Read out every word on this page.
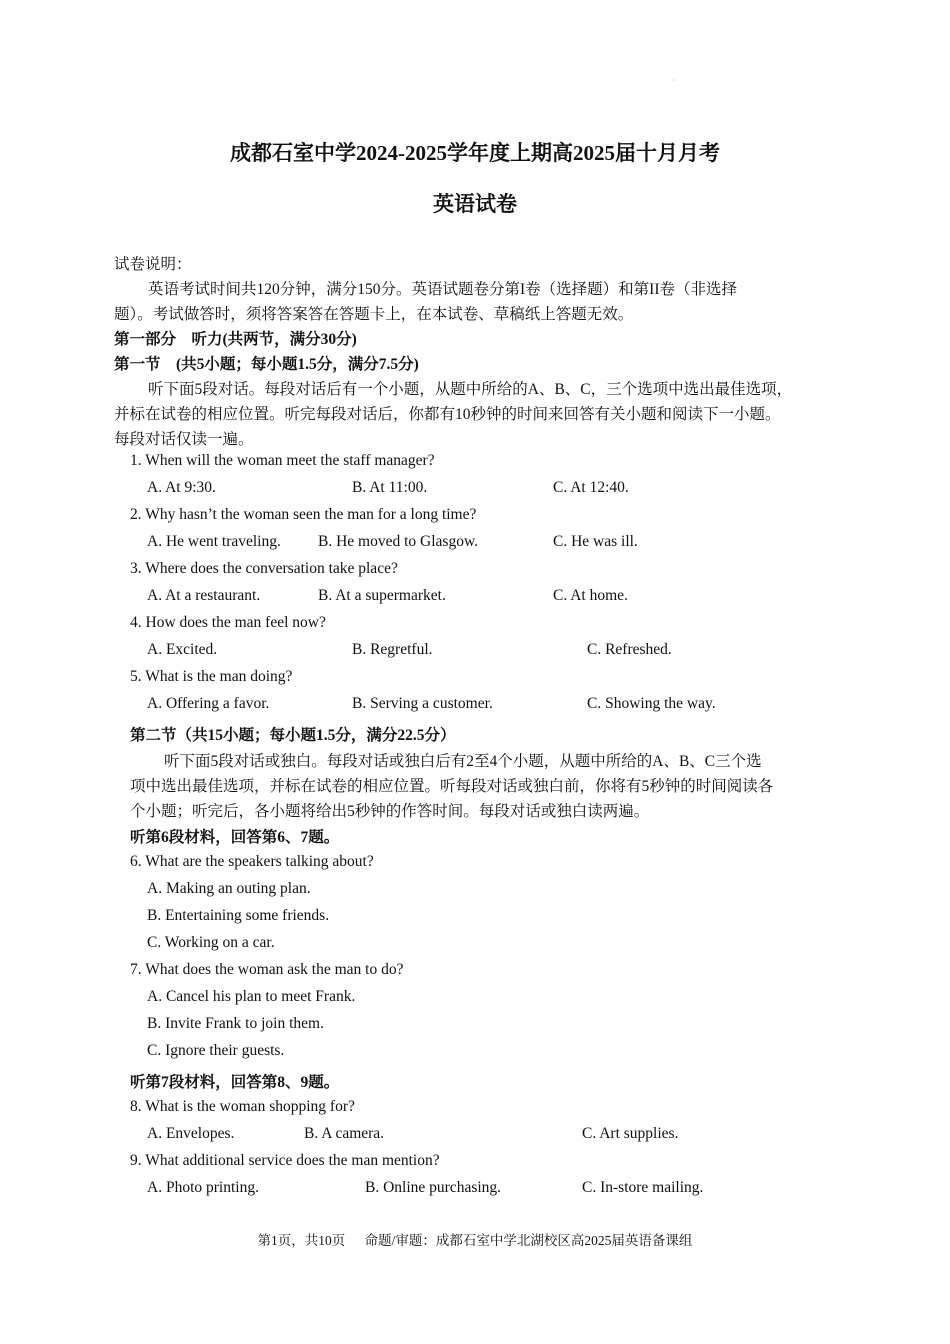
·
成都石室中学2024-2025学年度上期高2025届十月月考
英语试卷
试卷说明：
英语考试时间共120分钟，满分150分。英语试题卷分第I卷（选择题）和第II卷（非选择
题）。考试做答时，须将答案答在答题卡上，在本试卷、草稿纸上答题无效。
第一部分　听力(共两节，满分30分)
第一节　(共5小题；每小题1.5分，满分7.5分)
听下面5段对话。每段对话后有一个小题，从题中所给的A、B、C，三个选项中选出最佳选项，
并标在试卷的相应位置。听完每段对话后，你都有10秒钟的时间来回答有关小题和阅读下一小题。
每段对话仅读一遍。
1. When will the woman meet the staff manager?
A. At 9:30.	B. At 11:00.	C. At 12:40.
2. Why hasn’t the woman seen the man for a long time?
A. He went traveling. B. He moved to Glasgow.	C. He was ill.
3. Where does the conversation take place?
A. At a restaurant.	B. At a supermarket.	C. At home.
4. How does the man feel now?
A. Excited.	B. Regretful.	C. Refreshed.
5. What is the man doing?
A. Offering a favor.	B. Serving a customer.	C. Showing the way.
第二节（共15小题；每小题1.5分，满分22.5分）
听下面5段对话或独白。每段对话或独白后有2至4个小题，从题中所给的A、B、C三个选
项中选出最佳选项，并标在试卷的相应位置。听每段对话或独白前，你将有5秒钟的时间阅读各
个小题；听完后，各小题将给出5秒钟的作答时间。每段对话或独白读两遍。
听第6段材料，回答第6、7题。
6. What are the speakers talking about?
A. Making an outing plan.
B. Entertaining some friends.
C. Working on a car.
7. What does the woman ask the man to do?
A. Cancel his plan to meet Frank.
B. Invite Frank to join them.
C. Ignore their guests.
听第7段材料，回答第8、9题。
8. What is the woman shopping for?
A. Envelopes.	B. A camera.	C. Art supplies.
9. What additional service does the man mention?
A. Photo printing.	B. Online purchasing.	C. In-store mailing.
第1页，共10页 命题/审题：成都石室中学北湖校区高2025届英语备课组
